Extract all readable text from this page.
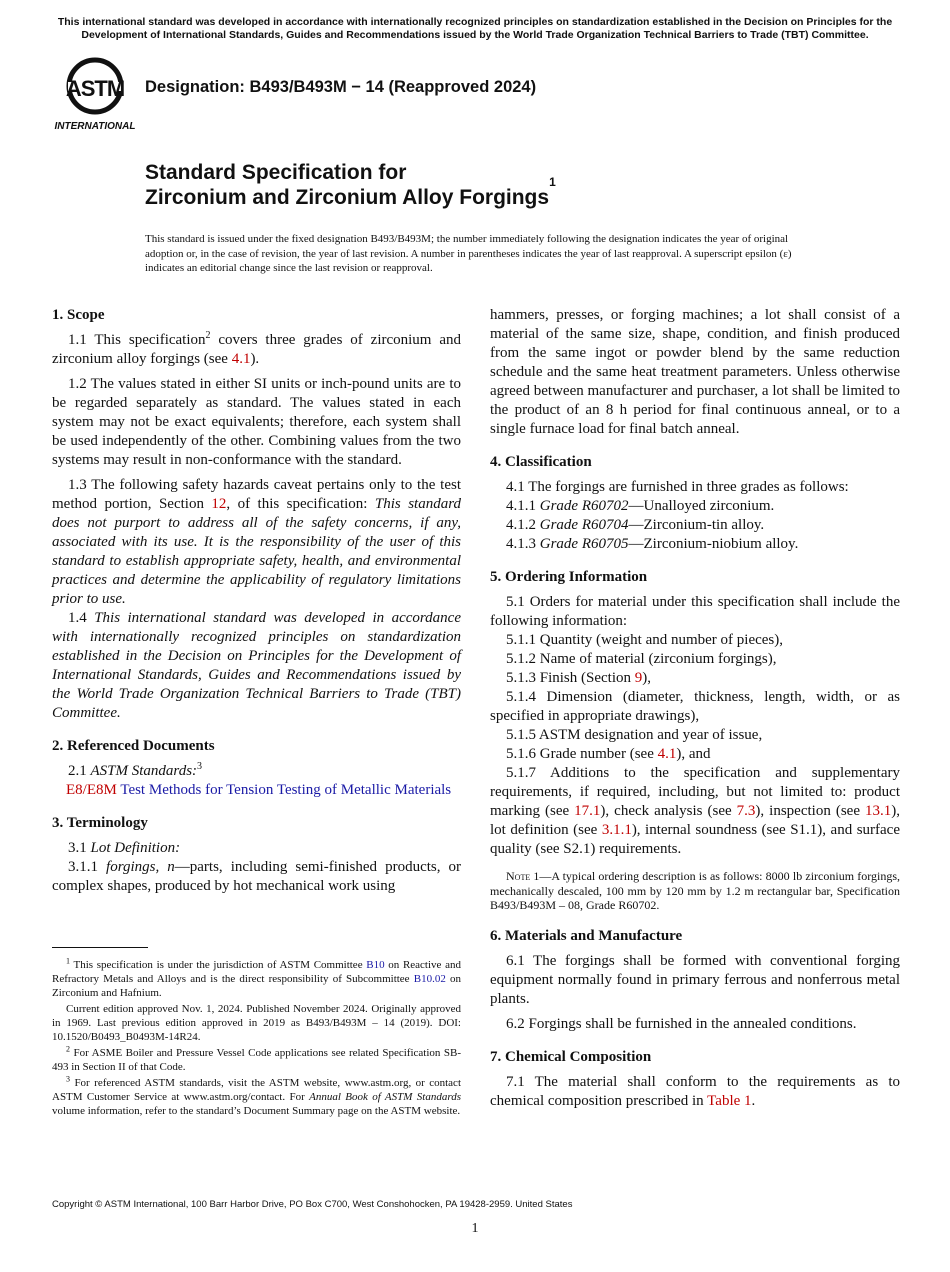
This international standard was developed in accordance with internationally recognized principles on standardization established in the Decision on Principles for the Development of International Standards, Guides and Recommendations issued by the World Trade Organization Technical Barriers to Trade (TBT) Committee.
ASTM
INTERNATIONAL
Designation: B493/B493M − 14 (Reapproved 2024)
Standard Specification for
Zirconium and Zirconium Alloy Forgings$^1$
This standard is issued under the fixed designation B493/B493M; the number immediately following the designation indicates the year of original adoption or, in the case of revision, the year of last revision. A number in parentheses indicates the year of last reapproval. A superscript epsilon (ε) indicates an editorial change since the last revision or reapproval.
1. Scope

1.1 This specification$^2$ covers three grades of zirconium and zirconium alloy forgings (see 4.1).

1.2 The values stated in either SI units or inch-pound units are to be regarded separately as standard. The values stated in each system may not be exact equivalents; therefore, each system shall be used independently of the other. Combining values from the two systems may result in non-conformance with the standard.

1.3 The following safety hazards caveat pertains only to the test method portion, Section 12, of this specification: This standard does not purport to address all of the safety concerns, if any, associated with its use. It is the responsibility of the user of this standard to establish appropriate safety, health, and environmental practices and determine the applicability of regulatory limitations prior to use.

1.4 This international standard was developed in accordance with internationally recognized principles on standardization established in the Decision on Principles for the Development of International Standards, Guides and Recommendations issued by the World Trade Organization Technical Barriers to Trade (TBT) Committee.

2. Referenced Documents

2.1 ASTM Standards:$^3$

E8/E8M Test Methods for Tension Testing of Metallic Materials

3. Terminology

3.1 Lot Definition:

3.1.1 forgings, n—parts, including semi-finished products, or complex shapes, produced by hot mechanical work using

hammers, presses, or forging machines; a lot shall consist of a material of the same size, shape, condition, and finish produced from the same ingot or powder blend by the same reduction schedule and the same heat treatment parameters. Unless otherwise agreed between manufacturer and purchaser, a lot shall be limited to the product of an 8 h period for final continuous anneal, or to a single furnace load for final batch anneal.

4. Classification

4.1 The forgings are furnished in three grades as follows:

4.1.1 Grade R60702—Unalloyed zirconium.

4.1.2 Grade R60704—Zirconium-tin alloy.

4.1.3 Grade R60705—Zirconium-niobium alloy.

5. Ordering Information

5.1 Orders for material under this specification shall include the following information:

5.1.1 Quantity (weight and number of pieces),

5.1.2 Name of material (zirconium forgings),

5.1.3 Finish (Section 9),

5.1.4 Dimension (diameter, thickness, length, width, or as specified in appropriate drawings),

5.1.5 ASTM designation and year of issue,

5.1.6 Grade number (see 4.1), and

5.1.7 Additions to the specification and supplementary requirements, if required, including, but not limited to: product marking (see 17.1), check analysis (see 7.3), inspection (see 13.1), lot definition (see 3.1.1), internal soundness (see S1.1), and surface quality (see S2.1) requirements.

Note 1—A typical ordering description is as follows: 8000 lb zirconium forgings, mechanically descaled, 100 mm by 120 mm by 1.2 m rectangular bar, Specification B493/B493M – 08, Grade R60702.

6. Materials and Manufacture

6.1 The forgings shall be formed with conventional forging equipment normally found in primary ferrous and nonferrous metal plants.

6.2 Forgings shall be furnished in the annealed conditions.

7. Chemical Composition

7.1 The material shall conform to the requirements as to chemical composition prescribed in Table 1.

$^1$ This specification is under the jurisdiction of ASTM Committee B10 on Reactive and Refractory Metals and Alloys and is the direct responsibility of Subcommittee B10.02 on Zirconium and Hafnium.

Current edition approved Nov. 1, 2024. Published November 2024. Originally approved in 1969. Last previous edition approved in 2019 as B493/B493M – 14 (2019). DOI: 10.1520/B0493_B0493M-14R24.

$^2$ For ASME Boiler and Pressure Vessel Code applications see related Specification SB-493 in Section II of that Code.

$^3$ For referenced ASTM standards, visit the ASTM website, www.astm.org, or contact ASTM Customer Service at www.astm.org/contact. For Annual Book of ASTM Standards volume information, refer to the standard’s Document Summary page on the ASTM website.

Copyright © ASTM International, 100 Barr Harbor Drive, PO Box C700, West Conshohocken, PA 19428-2959. United States
1
